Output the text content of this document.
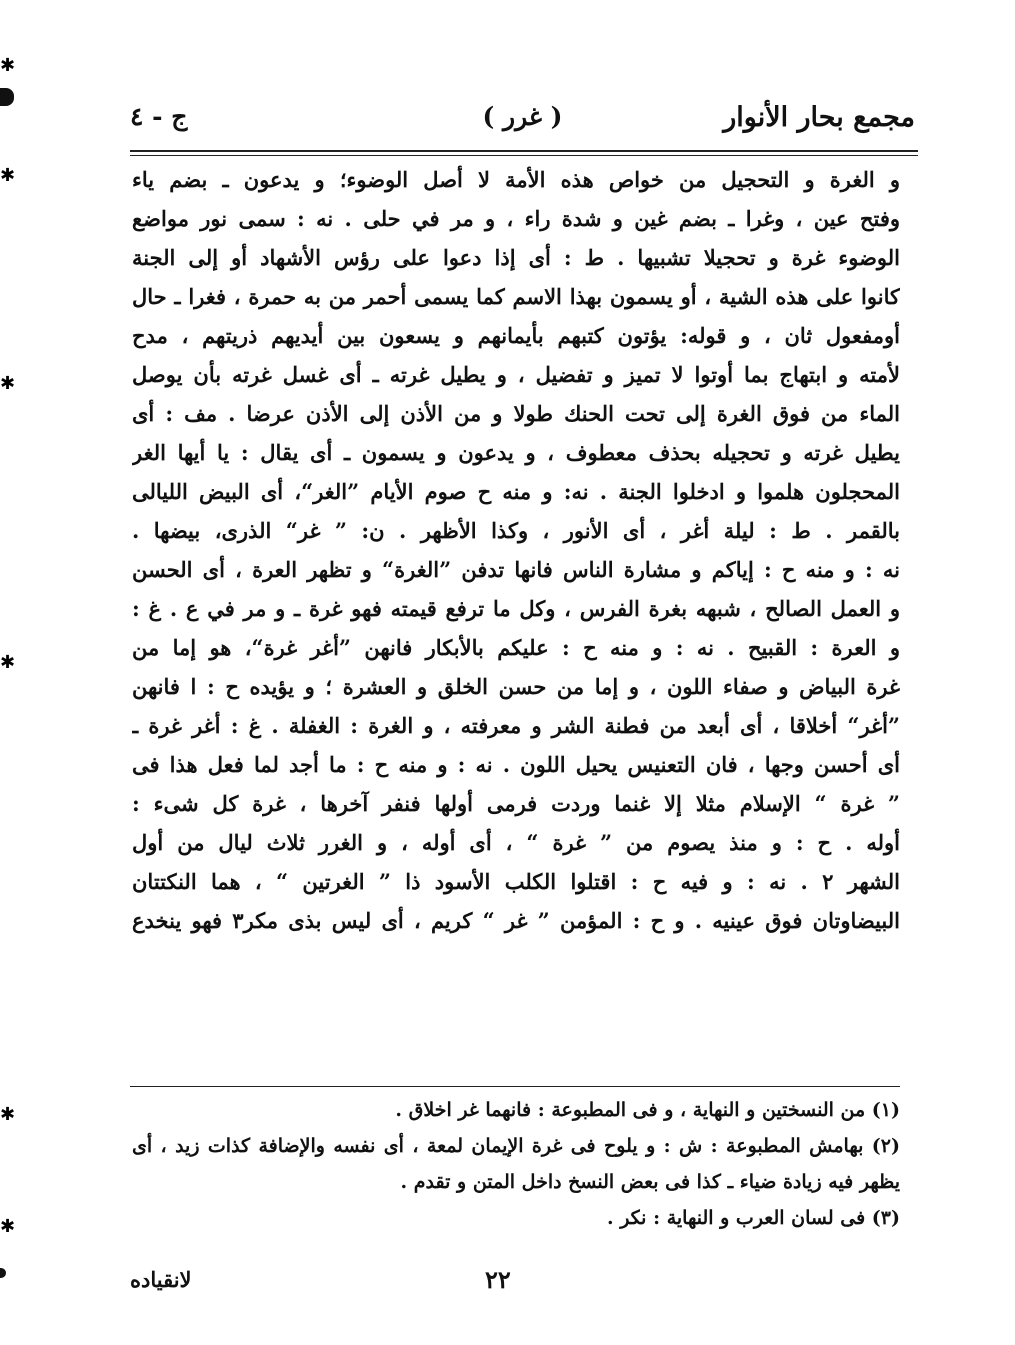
✱
✱
✱
✱
✱
✱
مجمع بحار الأنوار
( غرر )
ج - ٤
و الغرة و التحجيل من خواص هذه الأمة لا أصل الوضوء؛ و يدعون ـ بضم ياء
وفتح عين ، وغرا ـ بضم غين و شدة راء ، و مر في حلى . نه : سمى نور مواضع
الوضوء غرة و تحجيلا تشبيها . ط : أى إذا دعوا على رؤس الأشهاد أو إلى الجنة
كانوا على هذه الشية ، أو يسمون بهذا الاسم كما يسمى أحمر من به حمرة ، فغرا ـ حال
أومفعول ثان ، و قوله: يؤتون كتبهم بأيمانهم و يسعون بين أيديهم ذريتهم ، مدح
لأمته و ابتهاج بما أوتوا لا تميز و تفضيل ، و يطيل غرته ـ أى غسل غرته بأن يوصل
الماء من فوق الغرة إلى تحت الحنك طولا و من الأذن إلى الأذن عرضا . مف : أى
يطيل غرته و تحجيله بحذف معطوف ، و يدعون و يسمون ـ أى يقال : يا أيها الغر
المحجلون هلموا و ادخلوا الجنة . نه: و منه ح صوم الأيام ”الغر“، أى البيض الليالى
بالقمر . ط : ليلة أغر ، أى الأنور ، وكذا الأظهر . ن: ” غر“ الذرى، بيضها .
نه : و منه ح : إياكم و مشارة الناس فانها تدفن ”الغرة“ و تظهر العرة ، أى الحسن
و العمل الصالح ، شبهه بغرة الفرس ، وكل ما ترفع قيمته فهو غرة ـ و مر في ع . غ :
و العرة : القبيح . نه : و منه ح : عليكم بالأبكار فانهن ”أغر غرة“، هو إما من
غرة البياض و صفاء اللون ، و إما من حسن الخلق و العشرة ؛ و يؤيده ح : ا فانهن
”أغر“ أخلاقا ، أى أبعد من فطنة الشر و معرفته ، و الغرة : الغفلة . غ : أغر غرة ـ
أى أحسن وجها ، فان التعنيس يحيل اللون . نه : و منه ح : ما أجد لما فعل هذا فى
” غرة “ الإسلام مثلا إلا غنما وردت فرمى أولها فنفر آخرها ، غرة كل شىء :
أوله . ح : و منذ يصوم من ” غرة “ ، أى أوله ، و الغرر ثلاث ليال من أول
الشهر ٢ . نه : و فيه ح : اقتلوا الكلب الأسود ذا ” الغرتين “ ، هما النكتتان
البيضاوتان فوق عينيه . و ح : المؤمن ” غر “ كريم ، أى ليس بذى مكر٣ فهو ينخدع
(١) من النسختين و النهاية ، و فى المطبوعة : فانهما غر اخلاق .
(٢) بهامش المطبوعة : ش : و يلوح فى غرة الإيمان لمعة ، أى نفسه والإضافة كذات زيد ، أى
يظهر فيه زيادة ضياء ـ كذا فى بعض النسخ داخل المتن و تقدم .
(٣) فى لسان العرب و النهاية : نكر .
٢٢
لانقياده
